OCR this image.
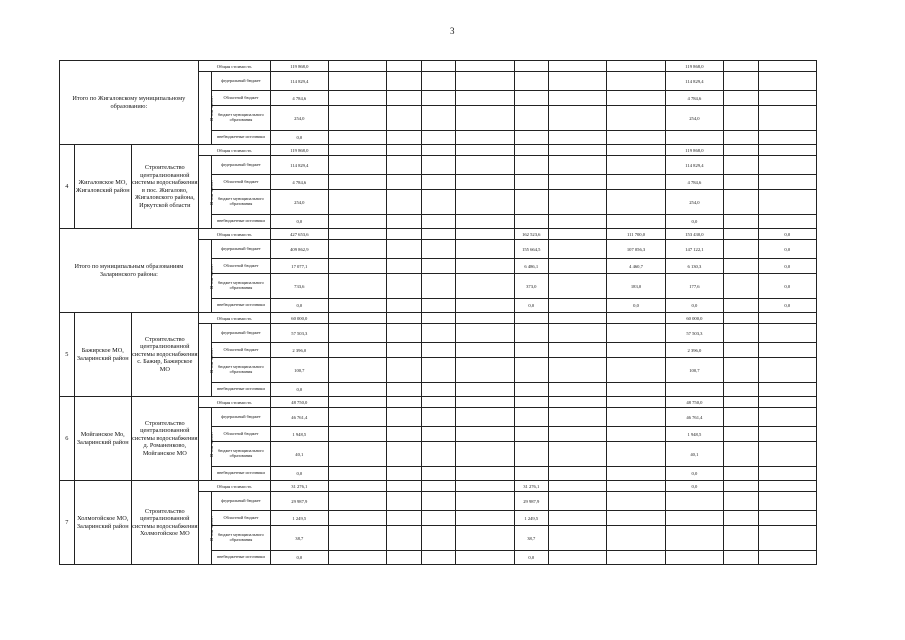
3
Итого по Жигаловскому муниципальному образованию:			Общая стоимость		119 868,0								119 868,0		
			В том числе:	федеральный бюджет	114 829,4								114 829,4		
				Областной бюджет	4 784,6								4 784,6		
				бюджет муниципального образования	254,0								254,0		
				внебюджетные источники	0,0										
4	Жигаловское МО, Жигаловский район	Строительство централизованной системы водоснабжения в пос. Жигалово, Жигаловского района, Иркутской области	Общая стоимость		119 868,0								119 868,0		
			В том числе:	федеральный бюджет	114 829,4								114 829,4		
				Областной бюджет	4 784,6								4 784,6		
				бюджет муниципального образования	254,0								254,0		
				внебюджетные источники	0,0								0,0		
Итого по муниципальным образованиям Заларинского района:			Общая стоимость		427 653,6					162 523,6		111 700,0	153 430,0		0,0
			В том числе:	федеральный бюджет	409 862,9					155 664,5		107 056,3	147 122,1		0,0
				Областной бюджет	17 077,1					6 486,1		4 460,7	6 130,3		0,0
				бюджет муниципального образования	733,6					373,0		183,0	177,6		0,0
				внебюджетные источники	0,0					0,0		0,0	0,0		0,0
5	Бажирское МО, Заларинский район	Строительство централизованной системы водоснабжения с. Бажир, Бажирское МО	Общая стоимость		60 000,0								60 000,0		
			В том числе:	федеральный бюджет	57 503,3								57 503,3		
				Областной бюджет	2 396,0								2 396,0		
				бюджет муниципального образования	100,7								100,7		
				внебюджетные источники	0,0										
6	Мойганское Мо, Заларинский район	Строительство централизованной системы водоснабжения д. Романенково, Мойганское МО	Общая стоимость		48 750,0								48 750,0		
			В том числе:	федеральный бюджет	46 761,4								46 761,4		
				Областной бюджет	1 948,5								1 948,5		
				бюджет муниципального образования	40,1								40,1		
				внебюджетные источники	0,0								0,0		
7	Холмогойское МО, Заларинский район	Строительство централизованной системы водоснабжения Холмогойское МО	Общая стоимость		31 276,1					31 276,1			0,0		
			В том числе:	федеральный бюджет	29 987,9					29 987,9					
				Областной бюджет	1 249,5					1 249,5					
				бюджет муниципального образования	38,7					38,7					
				внебюджетные источники	0,0					0,0					
